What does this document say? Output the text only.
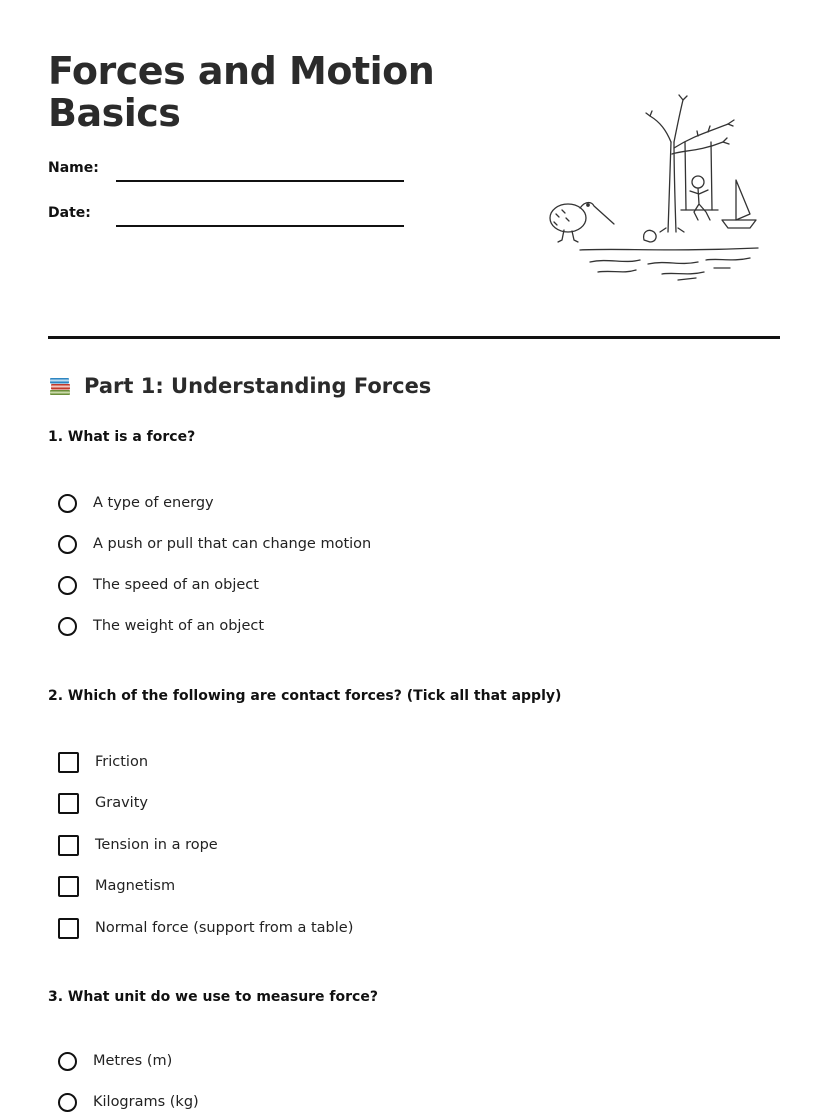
Forces and Motion Basics
Name:
Date:
Part 1: Understanding Forces

1. What is a force?

A type of energy
A push or pull that can change motion
The speed of an object
The weight of an object

2. Which of the following are contact forces? (Tick all that apply)

Friction
Gravity
Tension in a rope
Magnetism
Normal force (support from a table)

3. What unit do we use to measure force?

Metres (m)
Kilograms (kg)
